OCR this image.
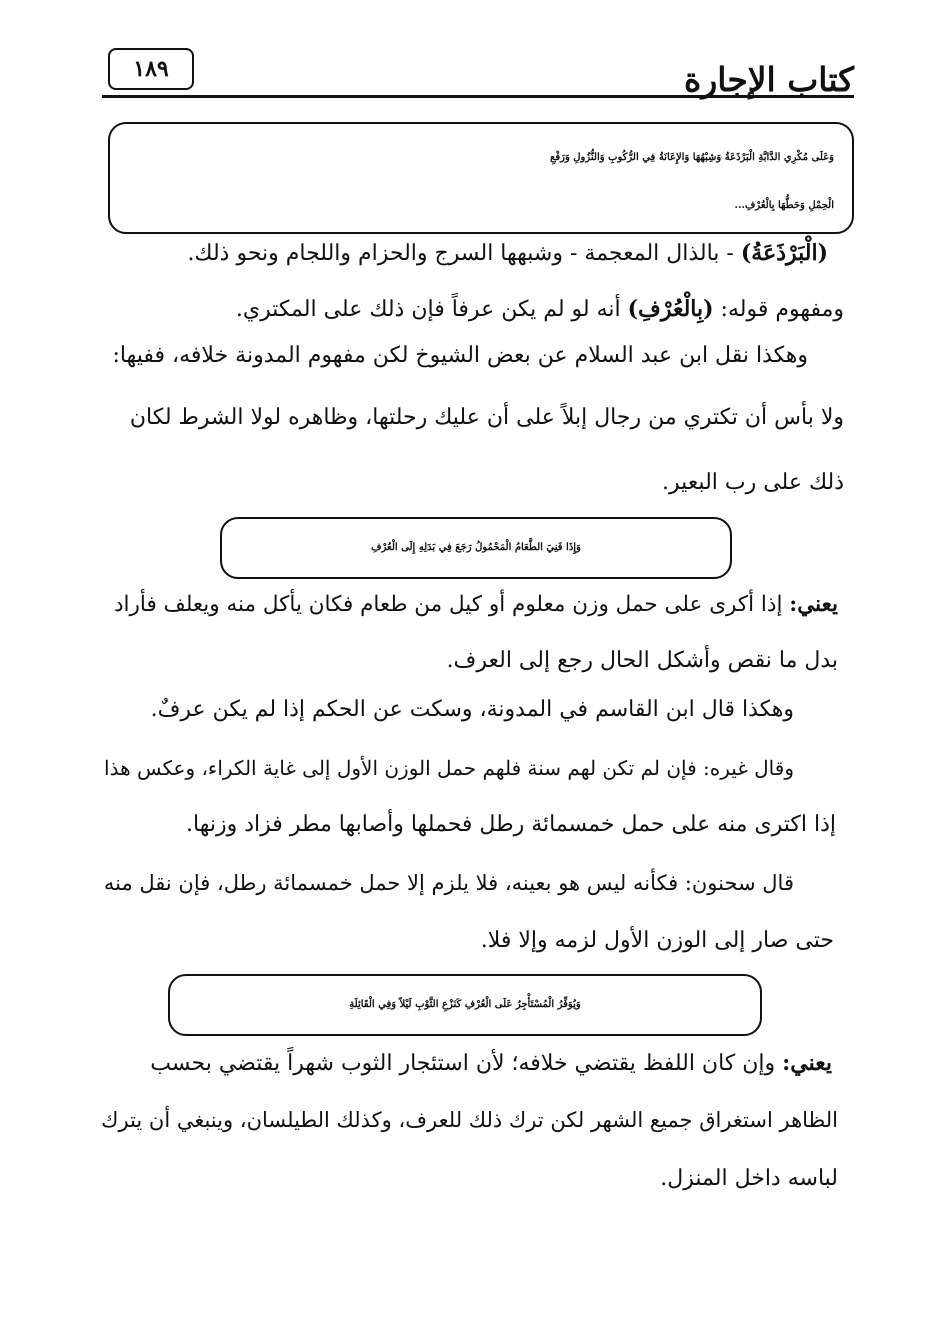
كتاب الإجارة
١٨٩
وَعَلَى مُكْرِي الدَّابَّةِ الْبَرْذَعَةُ وَشِبْهُهَا وَالإِعَانَةُ فِي الرُّكُوبِ وَالنُّزُولِ وَرَفْعِ
الْحِمْلِ وَحَطُّهَا بِالْعُرْفِ...
(الْبَرْذَعَةُ) - بالذال المعجمة - وشبهها السرج والحزام واللجام ونحو ذلك.
ومفهوم قوله: (بِالْعُرْفِ) أنه لو لم يكن عرفاً فإن ذلك على المكتري.
وهكذا نقل ابن عبد السلام عن بعض الشيوخ لكن مفهوم المدونة خلافه، ففيها:
ولا بأس أن تكتري من رجال إبلاً على أن عليك رحلتها، وظاهره لولا الشرط لكان
ذلك على رب البعير.
وَإِذَا فَنِيَ الطَّعَامُ الْمَحْمُولُ رَجَعَ فِي بَدَلِهِ إِلَى الْعُرْفِ
يعني: إذا أكرى على حمل وزن معلوم أو كيل من طعام فكان يأكل منه ويعلف فأراد
بدل ما نقص وأشكل الحال رجع إلى العرف.
وهكذا قال ابن القاسم في المدونة، وسكت عن الحكم إذا لم يكن عرفٌ.
وقال غيره: فإن لم تكن لهم سنة فلهم حمل الوزن الأول إلى غاية الكراء، وعكس هذا
إذا اكترى منه على حمل خمسمائة رطل فحملها وأصابها مطر فزاد وزنها.
قال سحنون: فكأنه ليس هو بعينه، فلا يلزم إلا حمل خمسمائة رطل، فإن نقل منه
حتى صار إلى الوزن الأول لزمه وإلا فلا.
وَيُوَفِّرُ الْمُسْتَأْجِرُ عَلَى الْعُرْفِ كَنَزْعِ الثَّوْبِ لَيْلاً وَفِي الْقَائِلَةِ
يعني: وإن كان اللفظ يقتضي خلافه؛ لأن استئجار الثوب شهراً يقتضي بحسب
الظاهر استغراق جميع الشهر لكن ترك ذلك للعرف، وكذلك الطيلسان، وينبغي أن يترك
لباسه داخل المنزل.
